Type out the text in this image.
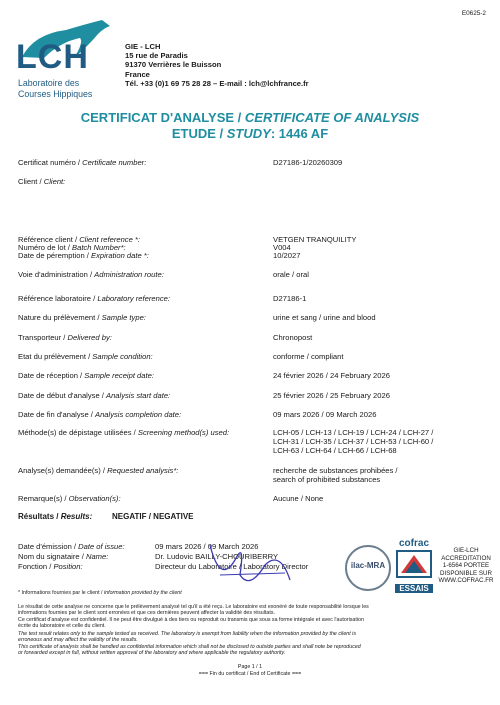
E0625-2
LCH
Laboratoire des
Courses Hippiques
GIE - LCH
15 rue de Paradis
91370 Verrières le Buisson
France
Tél. +33 (0)1 69 75 28 28 – E-mail : lch@lchfrance.fr
CERTIFICAT D'ANALYSE / CERTIFICATE OF ANALYSIS
ETUDE / STUDY: 1446 AF
Certificat numéro / Certificate number:	D27186-1/20260309
Client / Client:
Référence client / Client reference *:	VETGEN TRANQUILITY
Numéro de lot / Batch Number*:	V004
Date de péremption / Expiration date *:	10/2027
Voie d'administration / Administration route:	orale / oral
Référence laboratoire / Laboratory reference:	D27186-1
Nature du prélèvement / Sample type:	urine et sang / urine and blood
Transporteur / Delivered by:	Chronopost
Etat du prélèvement / Sample condition:	conforme / compliant
Date de réception / Sample receipt date:	24 février 2026 / 24 February 2026
Date de début d'analyse / Analysis start date:	25 février 2026 / 25 February 2026
Date de fin d'analyse / Analysis completion date:	09 mars 2026 / 09 March 2026
Méthode(s) de dépistage utilisées / Screening method(s) used:	LCH-05 / LCH-13 / LCH-19 / LCH-24 / LCH-27 /
LCH-31 / LCH-35 / LCH-37 / LCH-53 / LCH-60 /
LCH-63 / LCH-64 / LCH-66 / LCH-68
Analyse(s) demandée(s) / Requested analysis*:	recherche de substances prohibées /
search of prohibited substances
Remarque(s) / Observation(s):	Aucune / None
Résultats / Results: NEGATIF / NEGATIVE
Date d'émission / Date of issue:	09 mars 2026 / 09 March 2026
Nom du signataire / Name:	Dr. Ludovic BAILLY-CHOURIBERRY
Fonction / Position:	Directeur du Laboratoire / Laboratory Director	ilac-MRA
cofrac
ESSAIS
GIE-LCH
ACCREDITATION
1-6564 PORTEE
DISPONIBLE SUR
WWW.COFRAC.FR
* Informations fournies par le client / information provided by the client
Le résultat de cette analyse ne concerne que le prélèvement analysé tel qu'il a été reçu. Le laboratoire est exonéré de toute responsabilité lorsque les
informations fournies par le client sont erronées et que ces dernières peuvent affecter la validité des résultats.
Ce certificat d'analyse est confidentiel. Il ne peut être divulgué à des tiers ou reproduit ou transmis que sous sa forme intégrale et avec l'autorisation
écrite du laboratoire et celle du client.
The test result relates only to the sample tested as received. The laboratory is exempt from liability when the information provided by the client is
erroneous and may affect the validity of the results.
This certificate of analysis shall be handled as confidential information which shall not be disclosed to outside parties and shall note be reproduced
or forwarded except in full, without written approval of the laboratory and where applicable the regulatory authority.
Page 1 / 1
=== Fin du certificat / End of Certificate ===
